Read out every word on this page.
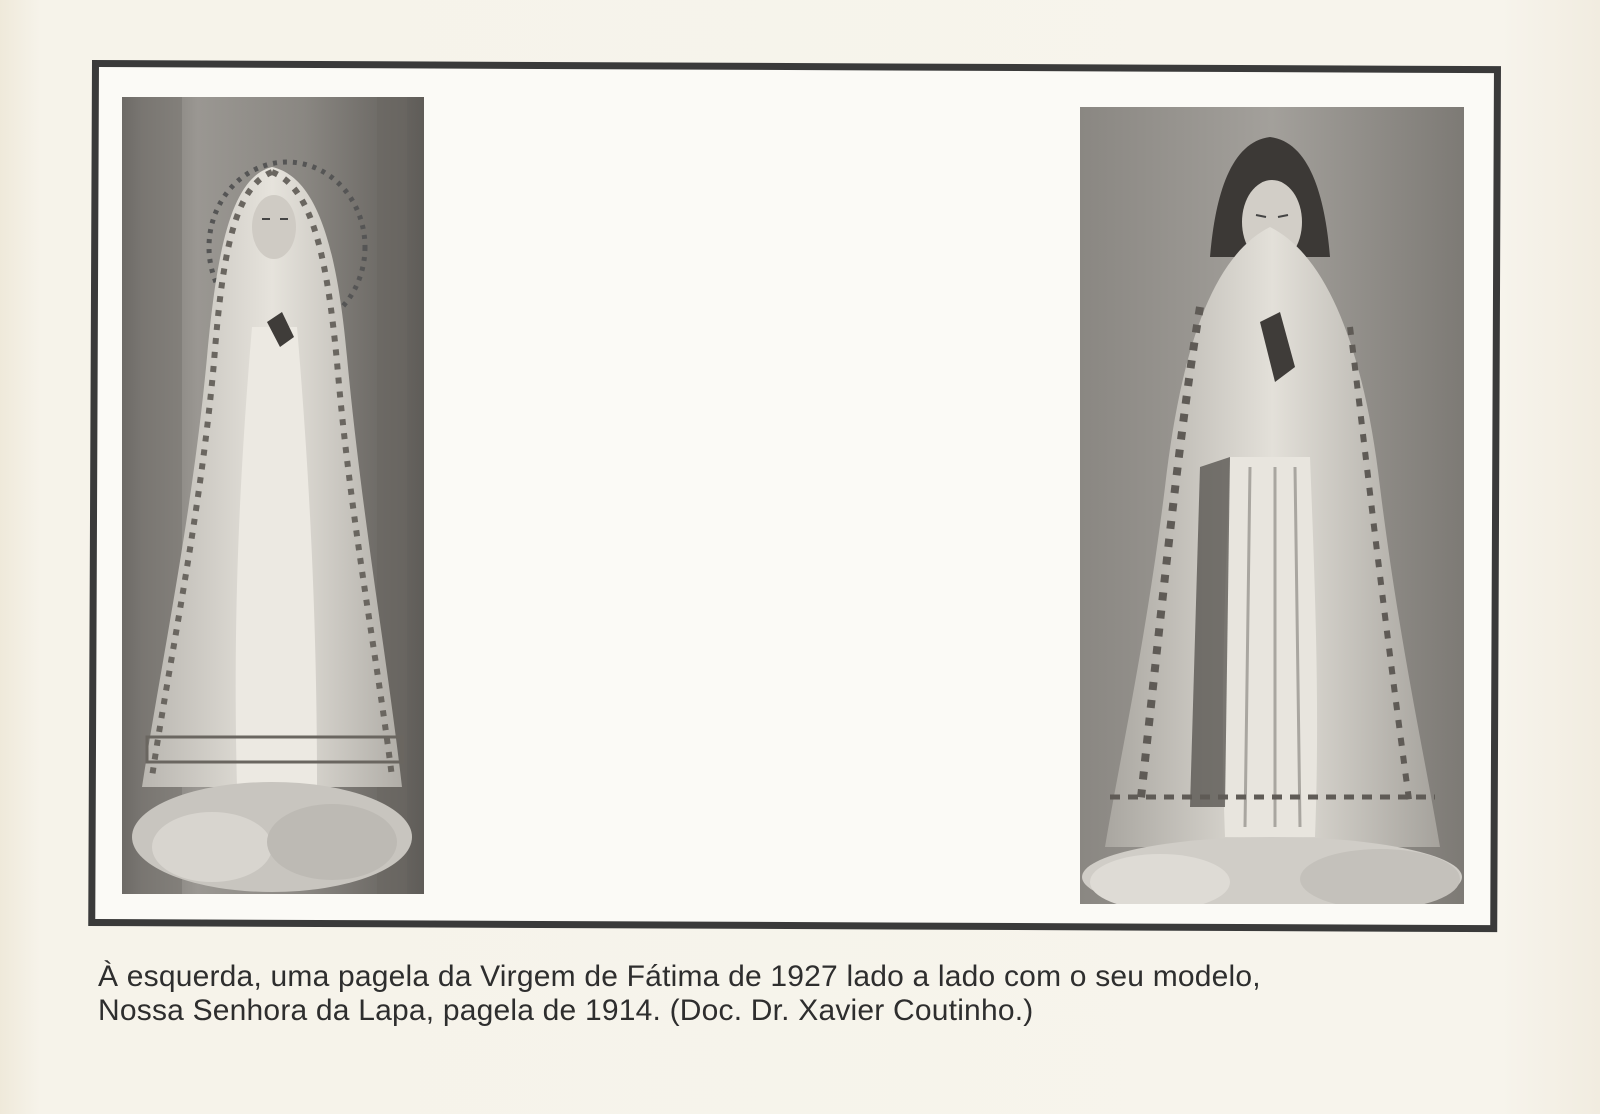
À esquerda, uma pagela da Virgem de Fátima de 1927 lado a lado com o seu modelo,
Nossa Senhora da Lapa, pagela de 1914. (Doc. Dr. Xavier Coutinho.)
